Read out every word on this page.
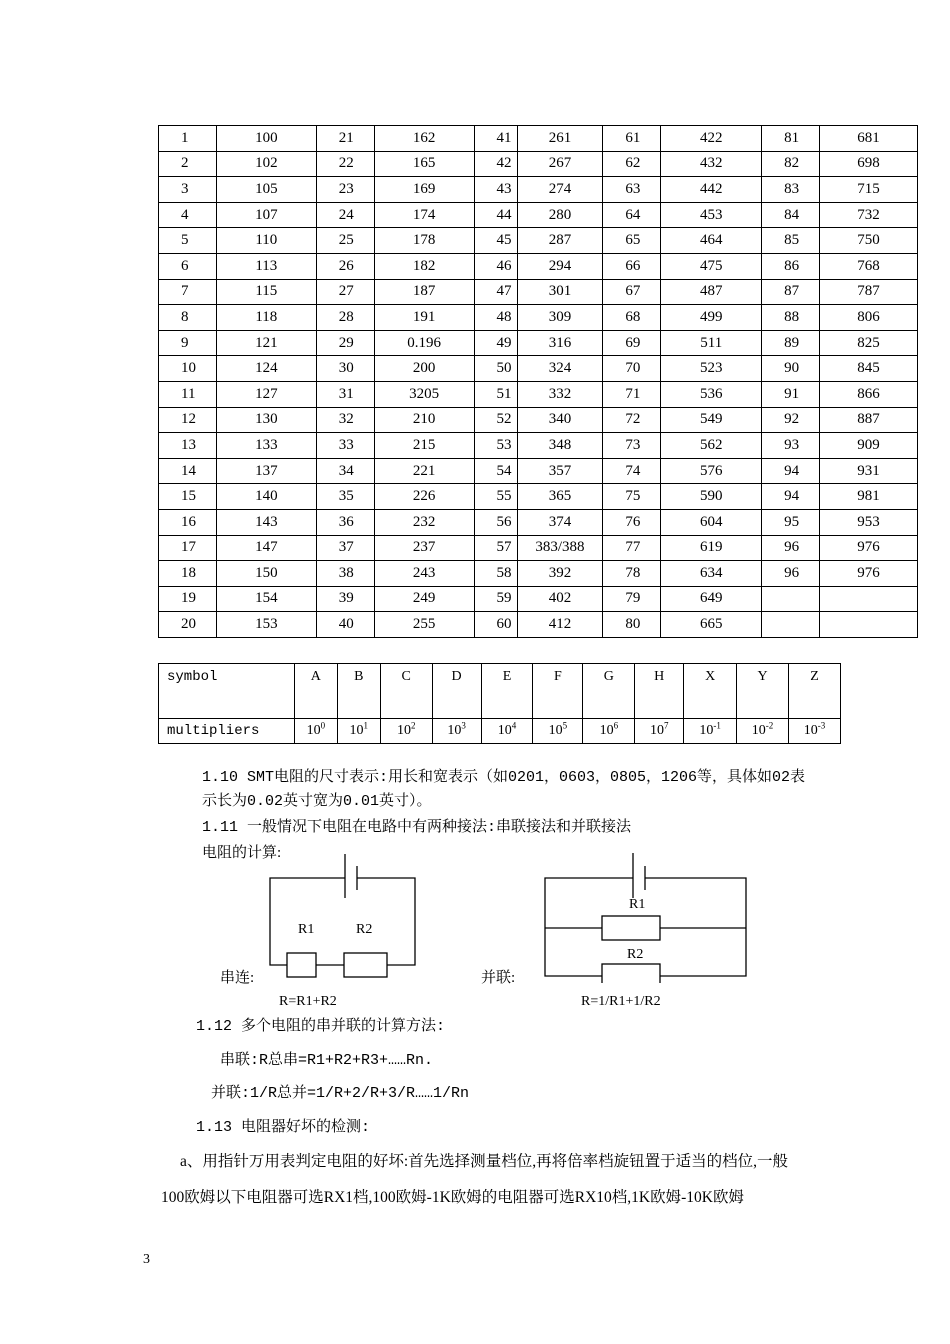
1	100	21	162	41	261	61	422	81	681
2	102	22	165	42	267	62	432	82	698
3	105	23	169	43	274	63	442	83	715
4	107	24	174	44	280	64	453	84	732
5	110	25	178	45	287	65	464	85	750
6	113	26	182	46	294	66	475	86	768
7	115	27	187	47	301	67	487	87	787
8	118	28	191	48	309	68	499	88	806
9	121	29	0.196	49	316	69	511	89	825
10	124	30	200	50	324	70	523	90	845
11	127	31	3205	51	332	71	536	91	866
12	130	32	210	52	340	72	549	92	887
13	133	33	215	53	348	73	562	93	909
14	137	34	221	54	357	74	576	94	931
15	140	35	226	55	365	75	590	94	981
16	143	36	232	56	374	76	604	95	953
17	147	37	237	57	383/388	77	619	96	976
18	150	38	243	58	392	78	634	96	976
19	154	39	249	59	402	79	649		
20	153	40	255	60	412	80	665		
symbol	A	B	C	D	E	F	G	H	X	Y	Z
multipliers	$10^0$	$10^1$	$10^2$	$10^3$	$10^4$	$10^5$	$10^6$	$10^7$	$10^{-1}$	$10^{-2}$	$10^{-3}$
1.10 SMT电阻的尺寸表示:用长和宽表示（如0201，0603，0805，1206等，具体如02表
示长为0.02英寸宽为0.01英寸）。
1.11 一般情况下电阻在电路中有两种接法:串联接法和并联接法
电阻的计算:
R1	R2
串连:
R=R1+R2
R1
R2
并联:
R=1/R1+1/R2
1.12 多个电阻的串并联的计算方法:
串联:R总串=R1+R2+R3+……Rn.
并联:1/R总并=1/R+2/R+3/R……1/Rn
1.13 电阻器好坏的检测:
a、用指针万用表判定电阻的好坏:首先选择测量档位,再将倍率档旋钮置于适当的档位,一般
100欧姆以下电阻器可选RX1档,100欧姆-1K欧姆的电阻器可选RX10档,1K欧姆-10K欧姆
3
